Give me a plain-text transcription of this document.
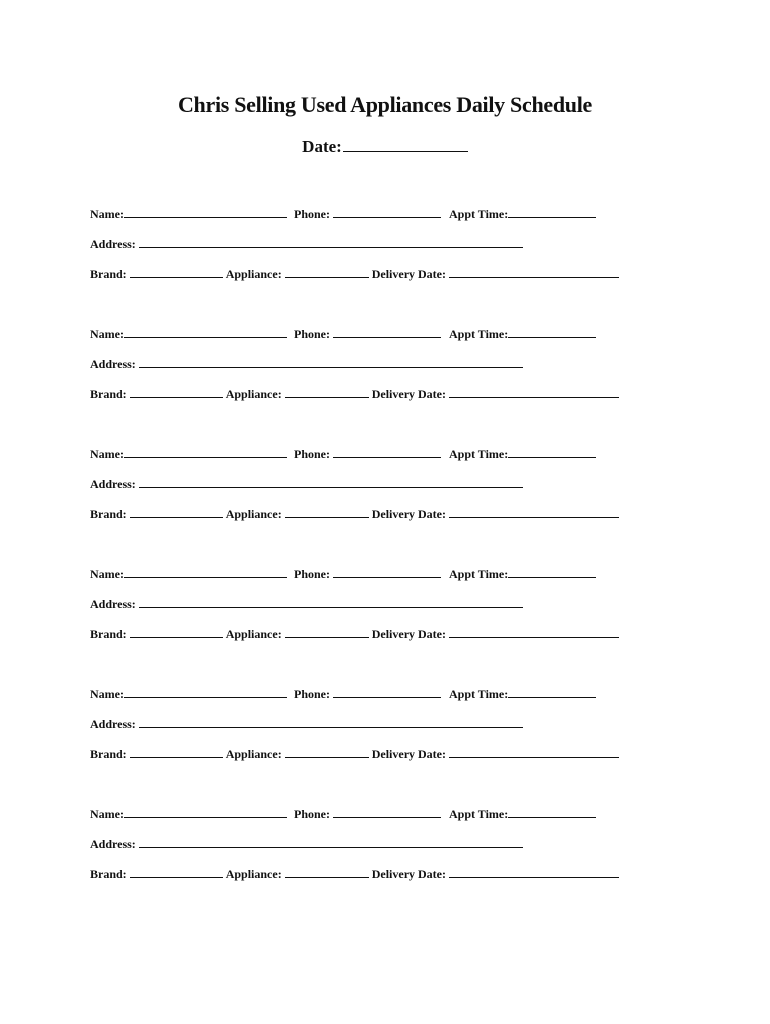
Chris Selling Used Appliances Daily Schedule
Date:
Name:	Phone:	Appt Time:
Address:
Brand:	Appliance:	Delivery Date:
Name:	Phone:	Appt Time:
Address:
Brand:	Appliance:	Delivery Date:
Name:	Phone:	Appt Time:
Address:
Brand:	Appliance:	Delivery Date:
Name:	Phone:	Appt Time:
Address:
Brand:	Appliance:	Delivery Date:
Name:	Phone:	Appt Time:
Address:
Brand:	Appliance:	Delivery Date:
Name:	Phone:	Appt Time:
Address:
Brand:	Appliance:	Delivery Date:
